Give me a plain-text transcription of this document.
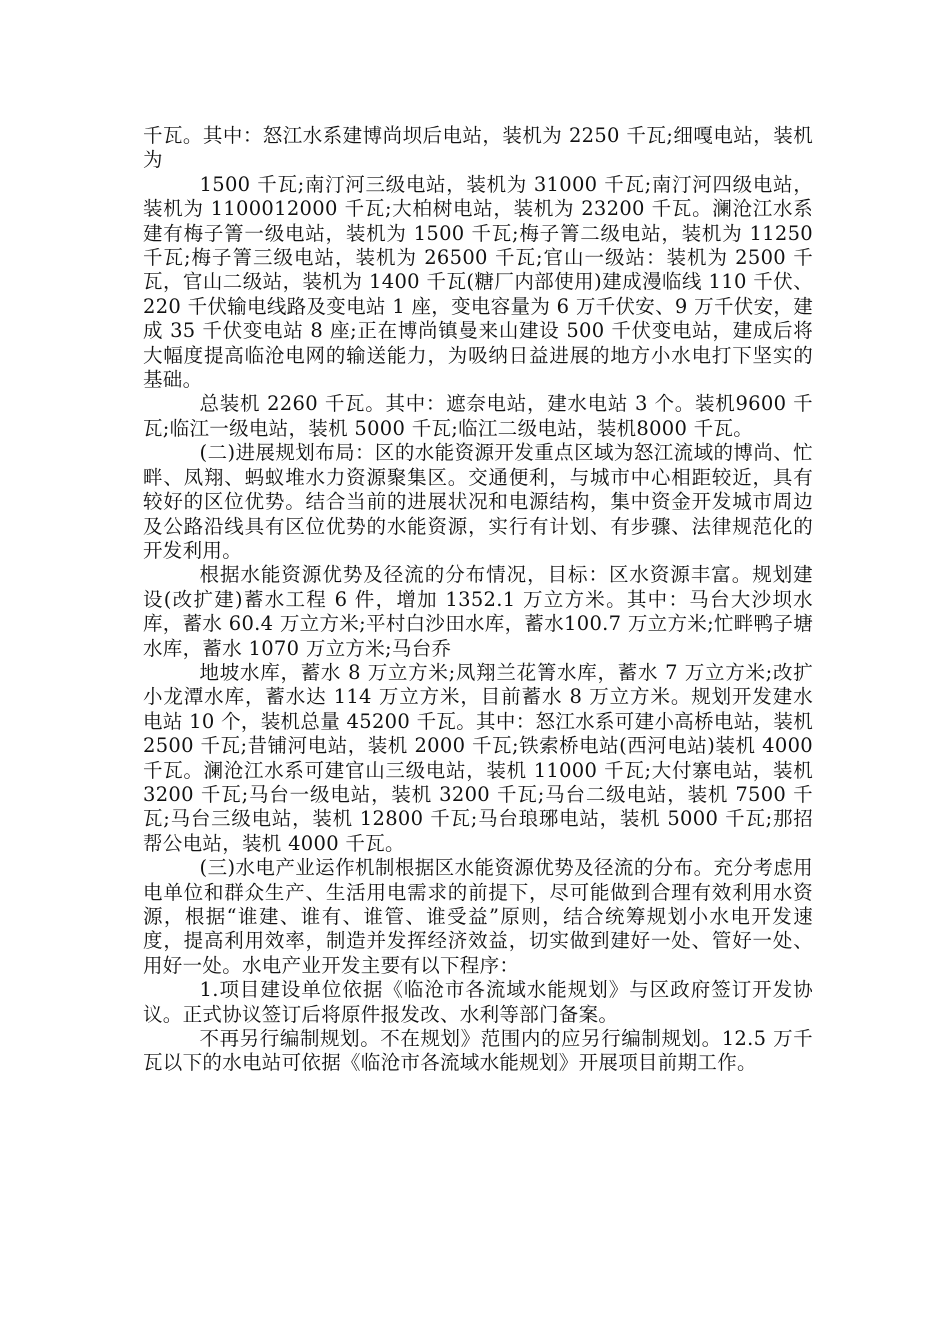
千瓦。其中：怒江水系建博尚坝后电站，装机为 2250 千瓦;细嘎电站，装机为

1500 千瓦;南汀河三级电站，装机为 31000 千瓦;南汀河四级电站，装机为 1100012000 千瓦;大柏树电站，装机为 23200 千瓦。澜沧江水系建有梅子箐一级电站，装机为 1500 千瓦;梅子箐二级电站，装机为 11250 千瓦;梅子箐三级电站，装机为 26500 千瓦;官山一级站：装机为 2500 千瓦，官山二级站，装机为 1400 千瓦(糖厂内部使用)建成漫临线 110 千伏、220 千伏输电线路及变电站 1 座，变电容量为 6 万千伏安、9 万千伏安，建成 35 千伏变电站 8 座;正在博尚镇曼来山建设 500 千伏变电站，建成后将大幅度提高临沧电网的输送能力，为吸纳日益进展的地方小水电打下坚实的基础。

总装机 2260 千瓦。其中：遮奈电站，建水电站 3 个。装机9600 千瓦;临江一级电站，装机 5000 千瓦;临江二级电站，装机8000 千瓦。

(二)进展规划布局：区的水能资源开发重点区域为怒江流域的博尚、忙畔、凤翔、蚂蚁堆水力资源聚集区。交通便利，与城市中心相距较近，具有较好的区位优势。结合当前的进展状况和电源结构，集中资金开发城市周边及公路沿线具有区位优势的水能资源，实行有计划、有步骤、法律规范化的开发利用。

根据水能资源优势及径流的分布情况，目标：区水资源丰富。规划建设(改扩建)蓄水工程 6 件，增加 1352.1 万立方米。其中：马台大沙坝水库，蓄水 60.4 万立方米;平村白沙田水库，蓄水100.7 万立方米;忙畔鸭子塘水库，蓄水 1070 万立方米;马台乔

地坡水库，蓄水 8 万立方米;凤翔兰花箐水库，蓄水 7 万立方米;改扩小龙潭水库，蓄水达 114 万立方米，目前蓄水 8 万立方米。规划开发建水电站 10 个，装机总量 45200 千瓦。其中：怒江水系可建小高桥电站，装机 2500 千瓦;昔铺河电站，装机 2000 千瓦;铁索桥电站(西河电站)装机 4000 千瓦。澜沧江水系可建官山三级电站，装机 11000 千瓦;大付寨电站，装机 3200 千瓦;马台一级电站，装机 3200 千瓦;马台二级电站，装机 7500 千瓦;马台三级电站，装机 12800 千瓦;马台琅琊电站，装机 5000 千瓦;那招帮公电站，装机 4000 千瓦。

(三)水电产业运作机制根据区水能资源优势及径流的分布。充分考虑用电单位和群众生产、生活用电需求的前提下，尽可能做到合理有效利用水资源，根据“谁建、谁有、谁管、谁受益”原则，结合统筹规划小水电开发速度，提高利用效率，制造并发挥经济效益，切实做到建好一处、管好一处、用好一处。水电产业开发主要有以下程序：

1.项目建设单位依据《临沧市各流域水能规划》与区政府签订开发协议。正式协议签订后将原件报发改、水利等部门备案。

不再另行编制规划。不在规划》范围内的应另行编制规划。12.5 万千瓦以下的水电站可依据《临沧市各流域水能规划》开展项目前期工作。
